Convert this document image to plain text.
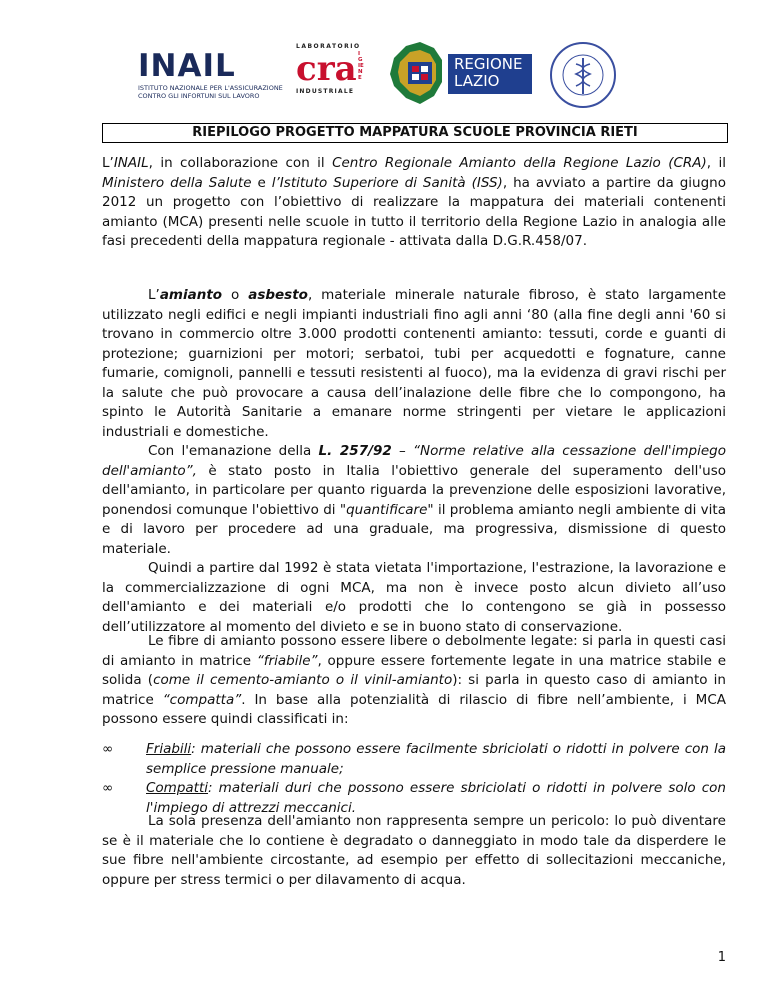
INAIL
ISTITUTO NAZIONALE PER L'ASSICURAZIONE
CONTRO GLI INFORTUNI SUL LAVORO
LABORATORIO
cra IGIENE
INDUSTRIALE
REGIONE
LAZIO
RIEPILOGO PROGETTO MAPPATURA SCUOLE PROVINCIA RIETI
L’INAIL, in collaborazione con il Centro Regionale Amianto della Regione Lazio (CRA), il Ministero della Salute e l’Istituto Superiore di Sanità (ISS), ha avviato a partire da giugno 2012 un progetto con l’obiettivo di realizzare la mappatura dei materiali contenenti amianto (MCA) presenti nelle scuole in tutto il territorio della Regione Lazio in analogia alle fasi precedenti della mappatura regionale - attivata dalla D.G.R.458/07.

L’amianto o asbesto, materiale minerale naturale fibroso, è stato largamente utilizzato negli edifici e negli impianti industriali fino agli anni ‘80 (alla fine degli anni '60 si trovano in commercio oltre 3.000 prodotti contenenti amianto: tessuti, corde e guanti di protezione; guarnizioni per motori; serbatoi, tubi per acquedotti e fognature, canne fumarie, comignoli, pannelli e tessuti resistenti al fuoco), ma la evidenza di gravi rischi per la salute che può provocare a causa dell’inalazione delle fibre che lo compongono, ha spinto le Autorità Sanitarie a emanare norme stringenti per vietare le applicazioni industriali e domestiche.

Con l'emanazione della L. 257/92 – “Norme relative alla cessazione dell'impiego dell'amianto”, è stato posto in Italia l'obiettivo generale del superamento dell'uso dell'amianto, in particolare per quanto riguarda la prevenzione delle esposizioni lavorative, ponendosi comunque l'obiettivo di "quantificare" il problema amianto negli ambiente di vita e di lavoro per procedere ad una graduale, ma progressiva, dismissione di questo materiale.

Quindi a partire dal 1992 è stata vietata l'importazione, l'estrazione, la lavorazione e la commercializzazione di ogni MCA, ma non è invece posto alcun divieto all’uso dell'amianto e dei materiali e/o prodotti che lo contengono se già in possesso dell’utilizzatore al momento del divieto e se in buono stato di conservazione.

Le fibre di amianto possono essere libere o debolmente legate: si parla in questi casi di amianto in matrice “friabile”, oppure essere fortemente legate in una matrice stabile e solida (come il cemento-amianto o il vinil-amianto): si parla in questo caso di amianto in matrice “compatta”. In base alla potenzialità di rilascio di fibre nell’ambiente, i MCA possono essere quindi classificati in:
∞ Friabili: materiali che possono essere facilmente sbriciolati o ridotti in polvere con la semplice pressione manuale;
∞ Compatti: materiali duri che possono essere sbriciolati o ridotti in polvere solo con l'impiego di attrezzi meccanici.
La sola presenza dell'amianto non rappresenta sempre un pericolo: lo può diventare se è il materiale che lo contiene è degradato o danneggiato in modo tale da disperdere le sue fibre nell'ambiente circostante, ad esempio per effetto di sollecitazioni meccaniche, oppure per stress termici o per dilavamento di acqua.
1
